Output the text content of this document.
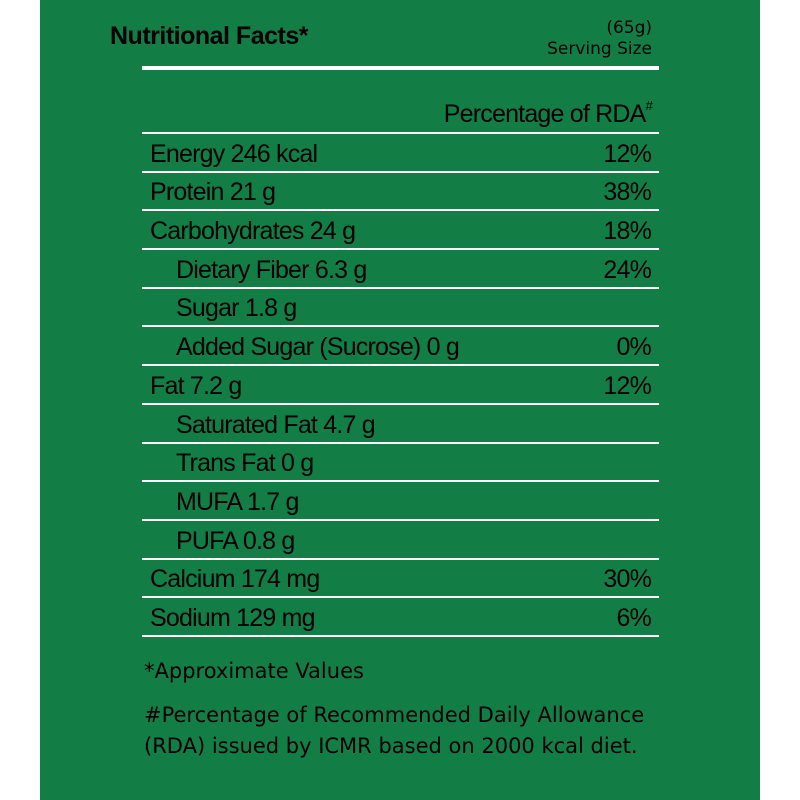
Nutritional Facts*	(65g)
Serving Size
Percentage of RDA#
Energy 246 kcal	12%
Protein 21 g	38%
Carbohydrates 24 g	18%
Dietary Fiber 6.3 g	24%
Sugar 1.8 g
Added Sugar (Sucrose) 0 g	0%
Fat 7.2 g	12%
Saturated Fat 4.7 g
Trans Fat 0 g
MUFA 1.7 g
PUFA 0.8 g
Calcium 174 mg	30%
Sodium 129 mg	6%
*Approximate Values
#Percentage of Recommended Daily Allowance (RDA) issued by ICMR based on 2000 kcal diet.
